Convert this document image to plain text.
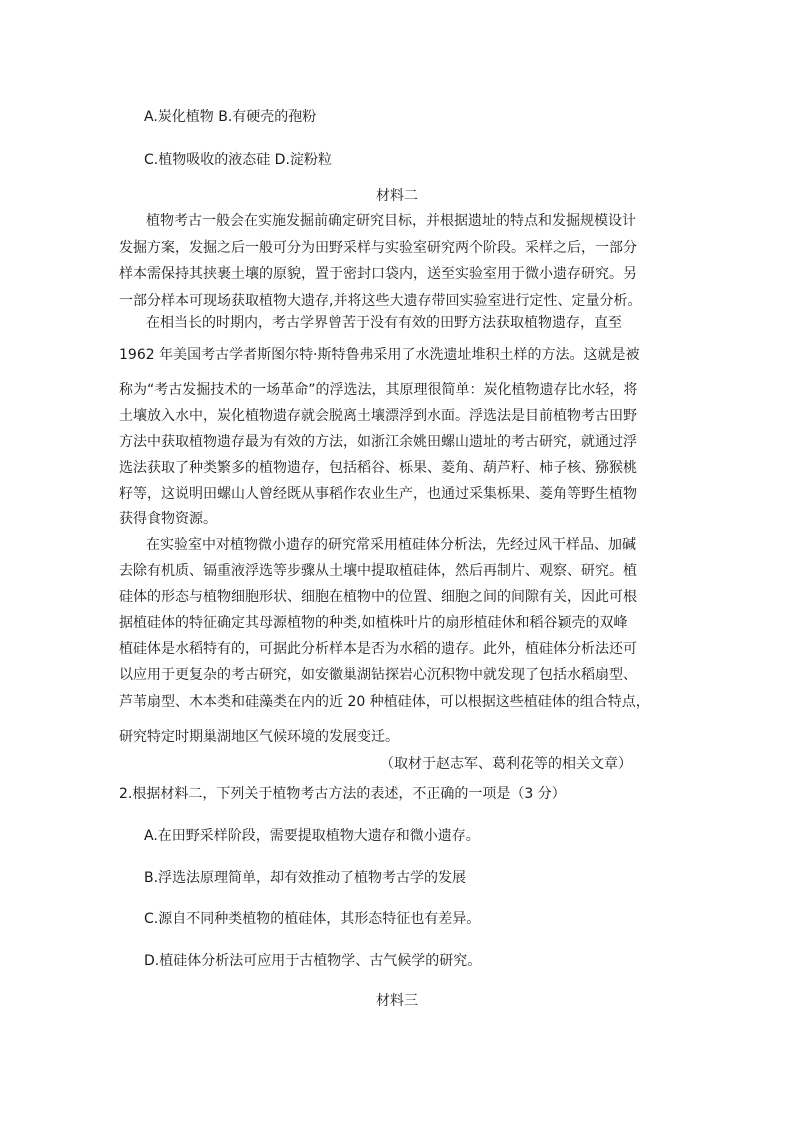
A.炭化植物 B.有硬壳的孢粉
C.植物吸收的液态硅 D.淀粉粒
材料二
植物考古一般会在实施发掘前确定研究目标，并根据遗址的特点和发掘规模设计
发掘方案，发掘之后一般可分为田野采样与实验室研究两个阶段。采样之后，一部分
样本需保持其挟裹土壤的原貌，置于密封口袋内，送至实验室用于微小遗存研究。另
一部分样本可现场获取植物大遗存,并将这些大遗存带回实验室进行定性、定量分析。
在相当长的时期内，考古学界曾苦于没有有效的田野方法获取植物遗存，直至
1962 年美国考古学者斯图尔特·斯特鲁弗采用了水洗遗址堆积土样的方法。这就是被
称为“考古发掘技术的一场革命”的浮选法，其原理很简单：炭化植物遗存比水轻，将
土壤放入水中，炭化植物遗存就会脱离土壤漂浮到水面。浮选法是目前植物考古田野
方法中获取植物遗存最为有效的方法，如浙江余姚田螺山遗址的考古研究，就通过浮
选法获取了种类繁多的植物遗存，包括稻谷、栎果、菱角、葫芦籽、柿子核、猕猴桃
籽等，这说明田螺山人曾经既从事稻作农业生产，也通过采集栎果、菱角等野生植物
获得食物资源。
在实验室中对植物微小遗存的研究常采用植硅体分析法，先经过风干样品、加碱
去除有机质、镉重液浮选等步骤从土壤中提取植硅体，然后再制片、观察、研究。植
硅体的形态与植物细胞形状、细胞在植物中的位置、细胞之间的间隙有关，因此可根
据植硅体的特征确定其母源植物的种类,如植株叶片的扇形植硅休和稻谷颖壳的双峰
植硅体是水稻特有的，可据此分析样本是否为水稻的遗存。此外，植硅体分析法还可
以应用于更复杂的考古研究，如安徽巢湖钻探岩心沉积物中就发现了包括水稻扇型、
芦苇扇型、木本类和硅藻类在内的近 20 种植硅体，可以根据这些植硅体的组合特点，
研究特定时期巢湖地区气候环境的发展变迁。
（取材于赵志军、葛利花等的相关文章）
2.根据材料二，下列关于植物考古方法的表述，不正确的一项是（3 分）
A.在田野采样阶段，需要提取植物大遗存和微小遗存。
B.浮选法原理简单，却有效推动了植物考古学的发展
C.源自不同种类植物的植硅体，其形态特征也有差异。
D.植硅体分析法可应用于古植物学、古气候学的研究。
材料三
